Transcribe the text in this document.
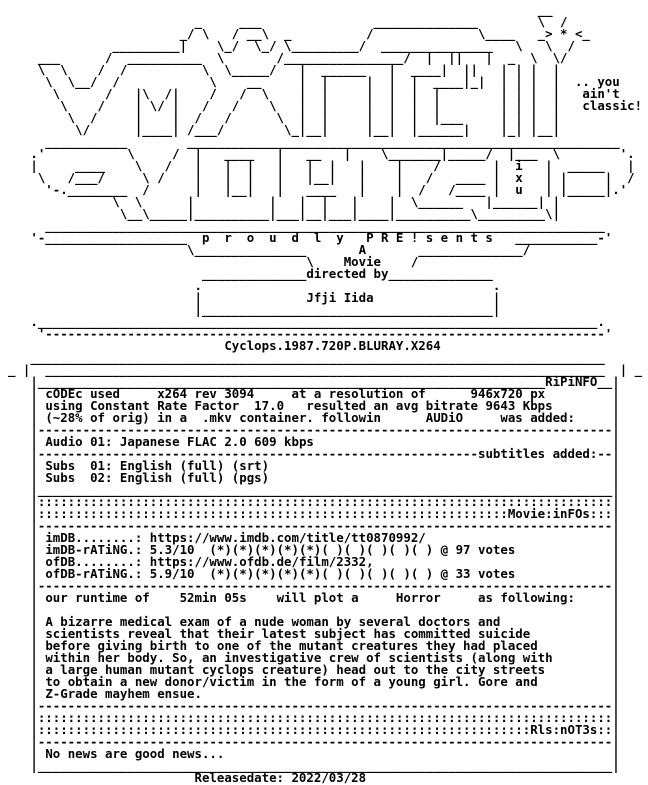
__
_     ___               ______________        \  /
_/ \   / __\  _          /              \____   _> * <_
_________|    \_/  \_/ \_________/  _______________   \   \  /
___      /  __________  \       /________________/  |  ||   |  _  \  \/
\  \    /  /          \  \_____/   |  ______   |  ____|  ||   | | |  |
\  \__/  /            \    __     |  |     |  |  |  ____|_|  | | |  |  .. you
\      /   |\  /|    /   /  \    |  |     |  |  |  |        | | |  |   ain't
\    /    | \/ |   /   /    \   |  |     |  |  |  |        | | |  |   classic!
\  /     |    |  /   /      \  |  |     |  |  |  |___     | | |  |
\/      |____| /___/        \_|__|     |__|  |______|    |_| |__|
___________        __________________________________________________________
.'           \     /  |   ____   |   __   |    \_______|_____/  |___  \        '.
|     ____    \   /   |   |  |   |   |  |   |    |    /       |  i   |  _____   |
\   /___/     \ /    |   |  |   |   |__|   |    |   /   ____ |  x   | |     |  /
'-.________  /      |   |__|   |   ____   |    |  /   /____ |  u   | |_____|.'
\  \      |          |   |  |   |    |  \______   |______| |
\__\_____|__________|___|__|___|____|__________\_________\|
___________________________________________________________________________
'-___________________  p  r  o  u  d  l  y   P R E ! s e n t s   ___________-'
\_______________       A       ______________/
\    Movie    /
______________directed by______________
.                                       .
|              Jfji Iida                |
|_______________________________________|
.___________________________________________________________________________.
'---------------------------------------------------------------------------'
Cyclops.1987.720P.BLURAY.X264
_____________________________________________________________________________
_ |  ___________________________________________________________________________  | _
|____________________________________________________________________RiPiNFO__|
| cODEc used     x264 rev 3094     at a resolution of      946x720 px         |
| using Constant Rate Factor  17.0   resulted an avg bitrate 9643 Kbps        |
| (~28% of orig) in a  .mkv container. followin      AUDiO     was added:     |
|-----------------------------------------------------------------------------|
| Audio 01: Japanese FLAC 2.0 609 kbps                                        |
|-----------------------------------------------------------subtitles added:--|
| Subs  01: English (full) (srt)                                              |
| Subs  02: English (full) (pgs)                                              |
|_____________________________________________________________________________|
|:::::::::::::::::::::::::::::::::::::::::::::::::::::::::::::::::::::::::::::|
|:::::::::::::::::::::::::::::::::::::::::::::::::::::::::::::::Movie:inFOs:::|
|-----------------------------------------------------------------------------|
| imDB........: https://www.imdb.com/title/tt0870992/                         |
| imDB-rATiNG.: 5.3/10  (*)(*)(*)(*)(*)( )( )( )( )( ) @ 97 votes             |
| ofDB........: https://www.ofdb.de/film/2332,                                |
| ofDB-rATiNG.: 5.9/10  (*)(*)(*)(*)(*)( )( )( )( )( ) @ 33 votes             |
|-----------------------------------------------------------------------------|
| our runtime of    52min 05s    will plot a     Horror     as following:     |
|	|
| A bizarre medical exam of a nude woman by several doctors and               |
| scientists reveal that their latest subject has committed suicide           |
| before giving birth to one of the mutant creatures they had placed          |
| within her body. So, an investigative crew of scientists (along with        |
| a large human mutant cyclops creature) head out to the city streets         |
| to obtain a new donor/victim in the form of a young girl. Gore and          |
| Z-Grade mayhem ensue.                                                       |
|-----------------------------------------------------------------------------|
|:::::::::::::::::::::::::::::::::::::::::::::::::::::::::::::::::::::::::::::|
|::::::::::::::::::::::::::::::::::::::::::::::::::::::::::::::::::Rls:nOT3s::|
|-----------------------------------------------------------------------------|
| No news are good news...                                                    |
|_____________________________________________________________________________|
Releasedate: 2022/03/28
